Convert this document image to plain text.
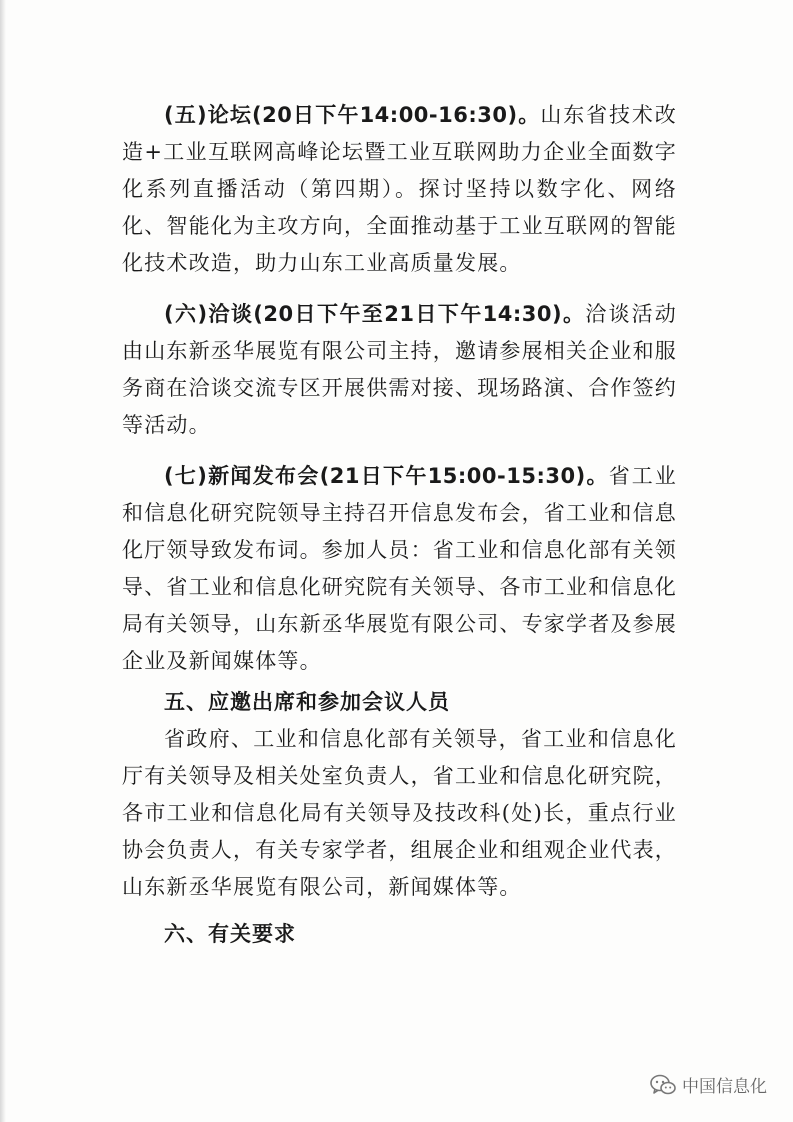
(五)论坛(20日下午14:00-16:30)。山东省技术改造+工业互联网高峰论坛暨工业互联网助力企业全面数字化系列直播活动（第四期）。探讨坚持以数字化、网络化、智能化为主攻方向，全面推动基于工业互联网的智能化技术改造，助力山东工业高质量发展。

(六)洽谈(20日下午至21日下午14:30)。洽谈活动由山东新丞华展览有限公司主持，邀请参展相关企业和服务商在洽谈交流专区开展供需对接、现场路演、合作签约等活动。

(七)新闻发布会(21日下午15:00-15:30)。省工业和信息化研究院领导主持召开信息发布会，省工业和信息化厅领导致发布词。参加人员：省工业和信息化部有关领导、省工业和信息化研究院有关领导、各市工业和信息化局有关领导，山东新丞华展览有限公司、专家学者及参展企业及新闻媒体等。

五、应邀出席和参加会议人员

省政府、工业和信息化部有关领导，省工业和信息化厅有关领导及相关处室负责人，省工业和信息化研究院，各市工业和信息化局有关领导及技改科(处)长，重点行业协会负责人，有关专家学者，组展企业和组观企业代表，山东新丞华展览有限公司，新闻媒体等。

六、有关要求
中国信息化
